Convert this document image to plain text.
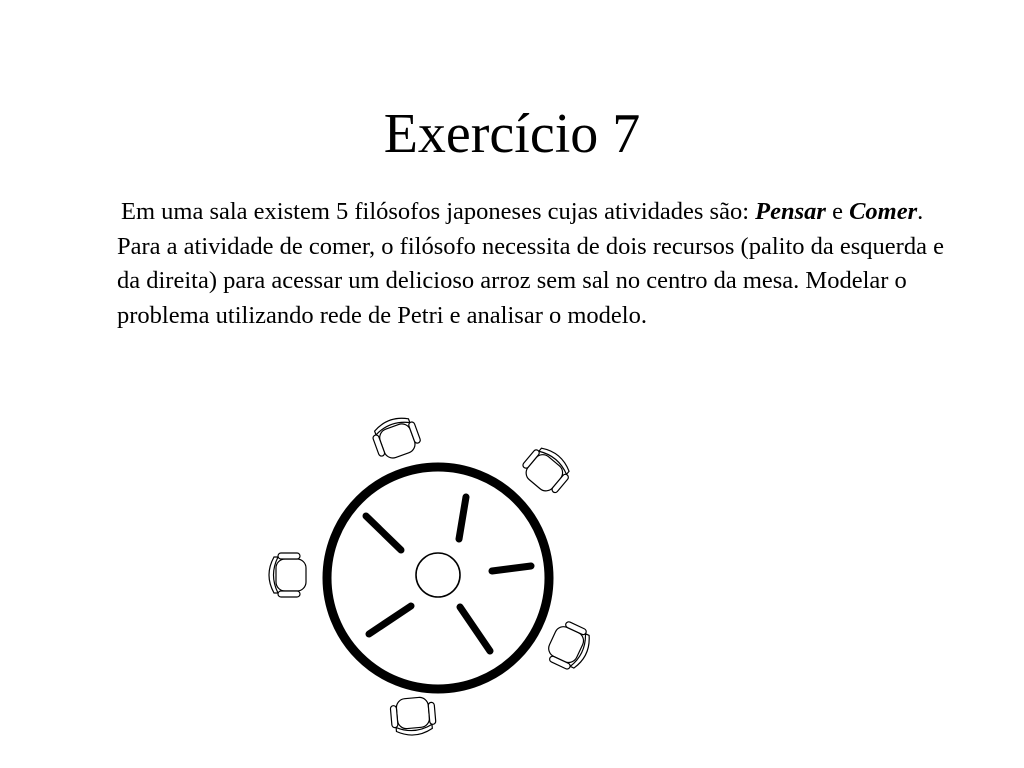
Exercício 7

Em uma sala existem 5 filósofos japoneses cujas atividades são: Pensar e Comer. Para a atividade de comer, o filósofo necessita de dois recursos (palito da esquerda e da direita) para acessar um delicioso arroz sem sal no centro da mesa. Modelar o problema utilizando rede de Petri e analisar o modelo.
